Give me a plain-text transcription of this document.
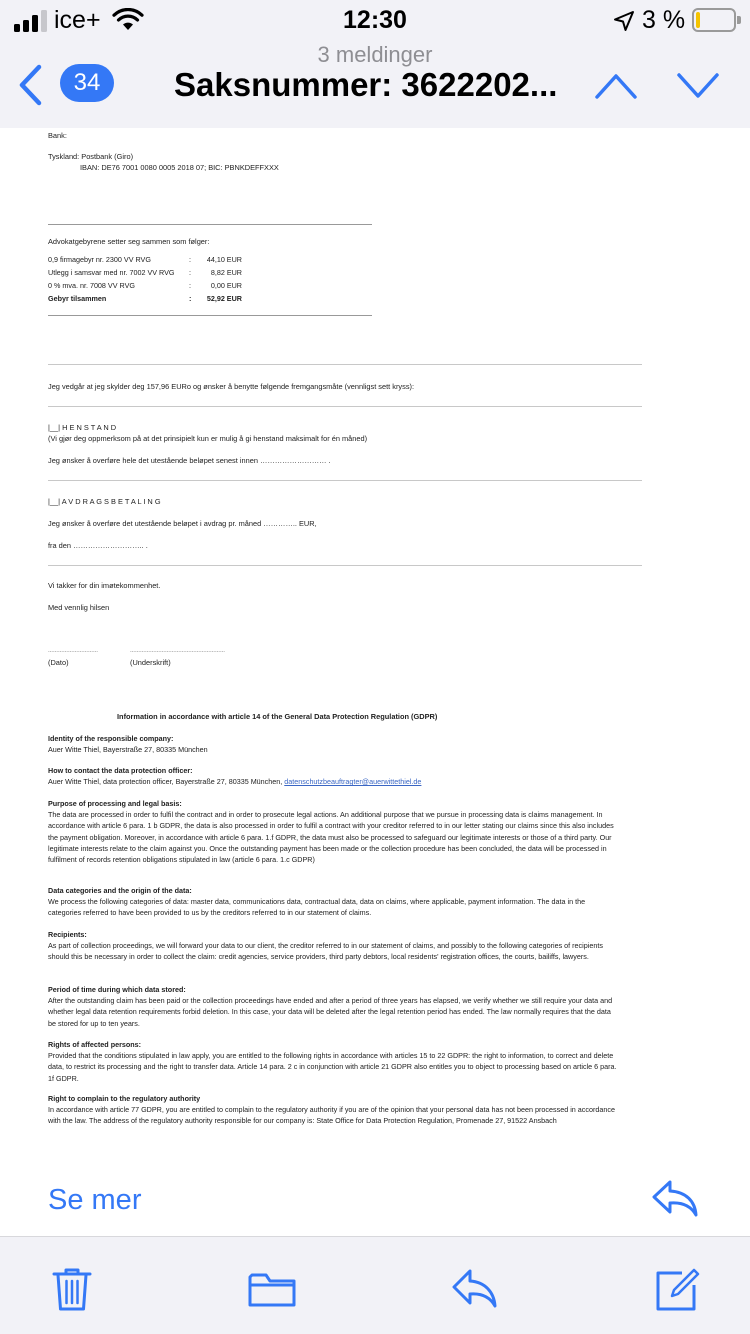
ice+	12:30	3 %
3 meldinger
34	Saksnummer: 3622202...
Bank:
Tyskland: Postbank (Giro)
IBAN: DE76 7001 0080 0005 2018 07; BIC: PBNKDEFFXXX
Advokatgebyrene setter seg sammen som følger:
0,9 firmagebyr nr. 2300 VV RVG	: 44,10 EUR
Utlegg i samsvar med nr. 7002 VV RVG :	8,82 EUR
0 % mva. nr. 7008 VV RVG	:	0,00 EUR
Gebyr tilsammen	: 52,92 EUR
Jeg vedgår at jeg skylder deg 157,96 EURo og ønsker å benytte følgende fremgangsmåte (vennligst sett kryss):
|__| H E N S T A N D
(Vi gjør deg oppmerksom på at det prinsipielt kun er mulig å gi henstand maksimalt for én måned)
Jeg ønsker å overføre hele det utestående beløpet senest innen ……………………… .
|__| A V D R A G S B E T A L I N G
Jeg ønsker å overføre det utestående beløpet i avdrag pr. måned ………….. EUR,
fra den ……………………….. .
Vi takker for din imøtekommenhet.
Med vennlig hilsen
…………………………	…………………………………………………
(Dato)	(Underskrift)
Information in accordance with article 14 of the General Data Protection Regulation (GDPR)
Identity of the responsible company:
Auer Witte Thiel, Bayerstraße 27, 80335 München
How to contact the data protection officer:
Auer Witte Thiel, data protection officer, Bayerstraße 27, 80335 München, datenschutzbeauftragter@auerwittethiel.de
Purpose of processing and legal basis:
The data are processed in order to fulfil the contract and in order to prosecute legal actions. An additional purpose that we pursue in processing data is claims management. In accordance with article 6 para. 1 b GDPR, the data is also processed in order to fulfil a contract with your creditor referred to in our letter stating our claims since this also includes the payment obligation. Moreover, in accordance with article 6 para. 1.f GDPR, the data must also be processed to safeguard our legitimate interests or those of a third party. Our legitimate interests relate to the claim against you. Once the outstanding payment has been made or the collection procedure has been concluded, the data will be processed in fulfilment of records retention obligations stipulated in law (article 6 para. 1.c GDPR)
Data categories and the origin of the data:
We process the following categories of data: master data, communications data, contractual data, data on claims, where applicable, payment information. The data in the categories referred to have been provided to us by the creditors referred to in our statement of claims.
Recipients:
As part of collection proceedings, we will forward your data to our client, the creditor referred to in our statement of claims, and possibly to the following categories of recipients should this be necessary in order to collect the claim: credit agencies, service providers, third party debtors, local residents' registration offices, the courts, bailiffs, lawyers.
Period of time during which data stored:
After the outstanding claim has been paid or the collection proceedings have ended and after a period of three years has elapsed, we verify whether we still require your data and whether legal data retention requirements forbid deletion. In this case, your data will be deleted after the legal retention period has ended. The law normally requires that the data be stored for up to ten years.
Rights of affected persons:
Provided that the conditions stipulated in law apply, you are entitled to the following rights in accordance with articles 15 to 22 GDPR: the right to information, to correct and delete data, to restrict its processing and the right to transfer data. Article 14 para. 2 c in conjunction with article 21 GDPR also entitles you to object to processing based on article 6 para. 1f GDPR.
Right to complain to the regulatory authority
In accordance with article 77 GDPR, you are entitled to complain to the regulatory authority if you are of the opinion that your personal data has not been processed in accordance with the law. The address of the regulatory authority responsible for our company is: State Office for Data Protection Regulation, Promenade 27, 91522 Ansbach
Se mer
